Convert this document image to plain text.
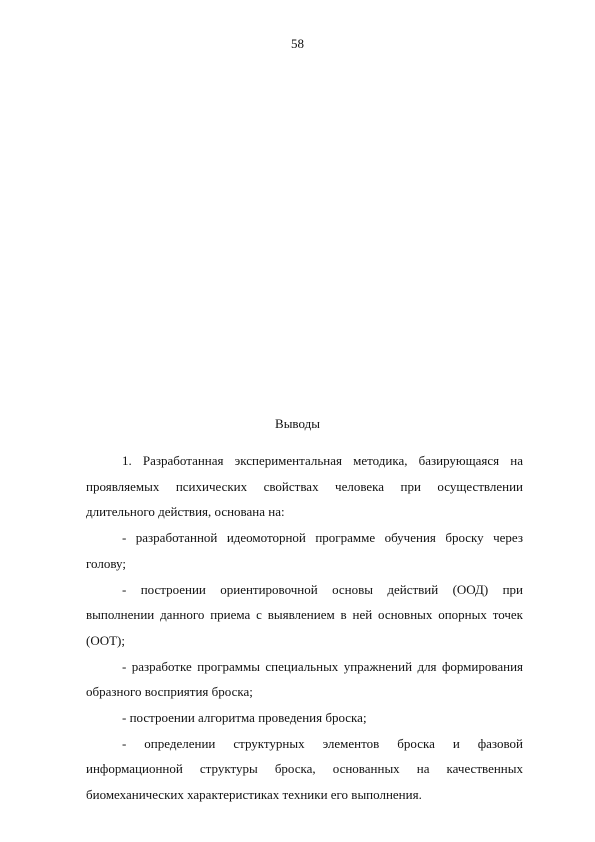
58
Выводы

1. Разработанная экспериментальная методика, базирующаяся на проявляемых психических свойствах человека при осуществлении длительного действия, основана на:

- разработанной идеомоторной программе обучения броску через голову;

- построении ориентировочной основы действий (ООД) при выполнении данного приема с выявлением в ней основных опорных точек (ООТ);

- разработке программы специальных упражнений для формирования образного восприятия броска;

- построении алгоритма проведения броска;

- определении структурных элементов броска и фазовой информационной структуры броска, основанных на качественных биомеханических характеристиках техники его выполнения.
